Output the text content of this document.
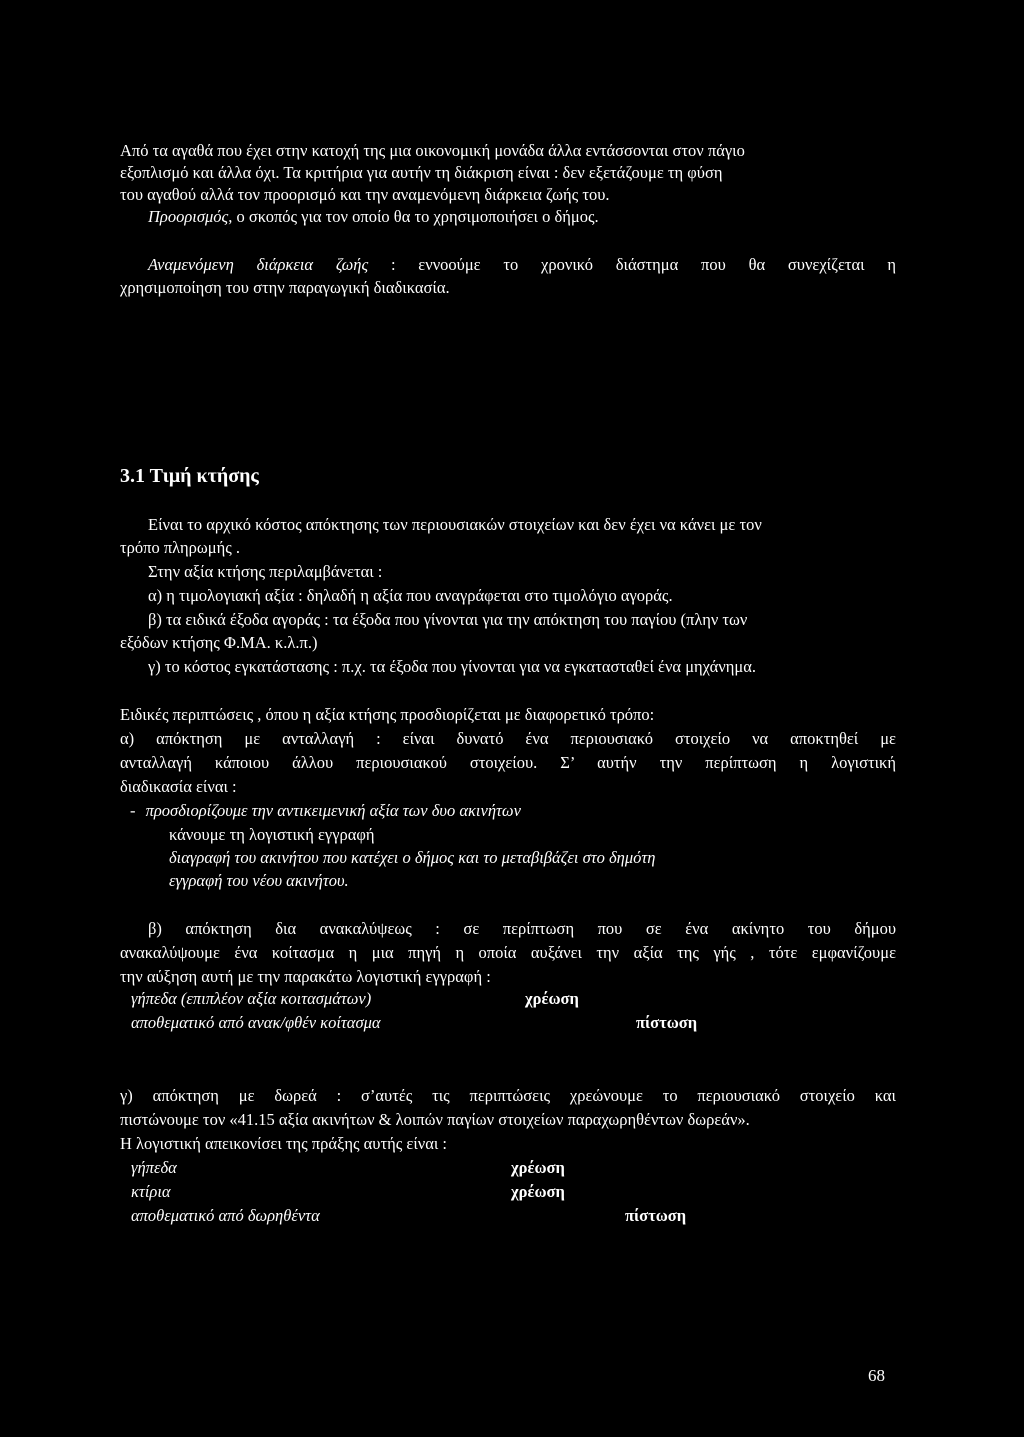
Από τα αγαθά που έχει στην κατοχή της μια οικονομική μονάδα άλλα εντάσσονται στον πάγιο
εξοπλισμό και άλλα όχι. Τα κριτήρια για αυτήν τη διάκριση είναι : δεν εξετάζουμε τη φύση
του αγαθού αλλά τον προορισμό και την αναμενόμενη διάρκεια ζωής του.
Προορισμός, ο σκοπός για τον οποίο θα το χρησιμοποιήσει ο δήμος.
Αναμενόμενη διάρκεια ζωής : εννοούμε το χρονικό διάστημα που θα συνεχίζεται η
χρησιμοποίηση του στην παραγωγική διαδικασία.
3.1 Τιμή κτήσης
Είναι το αρχικό κόστος απόκτησης των περιουσιακών στοιχείων και δεν έχει να κάνει με τον
τρόπο πληρωμής .
Στην αξία κτήσης περιλαμβάνεται :
α) η τιμολογιακή αξία : δηλαδή η αξία που αναγράφεται στο τιμολόγιο αγοράς.
β) τα ειδικά έξοδα αγοράς : τα έξοδα που γίνονται για την απόκτηση του παγίου (πλην των
εξόδων κτήσης Φ.ΜΑ. κ.λ.π.)
γ) το κόστος εγκατάστασης : π.χ. τα έξοδα που γίνονται για να εγκατασταθεί ένα μηχάνημα.
Ειδικές περιπτώσεις , όπου η αξία κτήσης προσδιορίζεται με διαφορετικό τρόπο:
α) απόκτηση με ανταλλαγή : είναι δυνατό ένα περιουσιακό στοιχείο να αποκτηθεί με
ανταλλαγή κάποιου άλλου περιουσιακού στοιχείου. Σ’ αυτήν την περίπτωση η λογιστική
διαδικασία είναι :
- προσδιορίζουμε την αντικειμενική αξία των δυο ακινήτων
κάνουμε τη λογιστική εγγραφή
διαγραφή του ακινήτου που κατέχει ο δήμος και το μεταβιβάζει στο δημότη
εγγραφή του νέου ακινήτου.
β) απόκτηση δια ανακαλύψεως : σε περίπτωση που σε ένα ακίνητο του δήμου
ανακαλύψουμε ένα κοίτασμα η μια πηγή η οποία αυξάνει την αξία της γής , τότε εμφανίζουμε
την αύξηση αυτή με την παρακάτω λογιστική εγγραφή :
γήπεδα (επιπλέον αξία κοιτασμάτων)	χρέωση
αποθεματικό από ανακ/φθέν κοίτασμα	πίστωση
γ) απόκτηση με δωρεά : σ’αυτές τις περιπτώσεις χρεώνουμε το περιουσιακό στοιχείο και
πιστώνουμε τον «41.15 αξία ακινήτων & λοιπών παγίων στοιχείων παραχωρηθέντων δωρεάν».
Η λογιστική απεικονίσει της πράξης αυτής είναι :
γήπεδα	χρέωση
κτίρια	χρέωση
αποθεματικό από δωρηθέντα	πίστωση
68
